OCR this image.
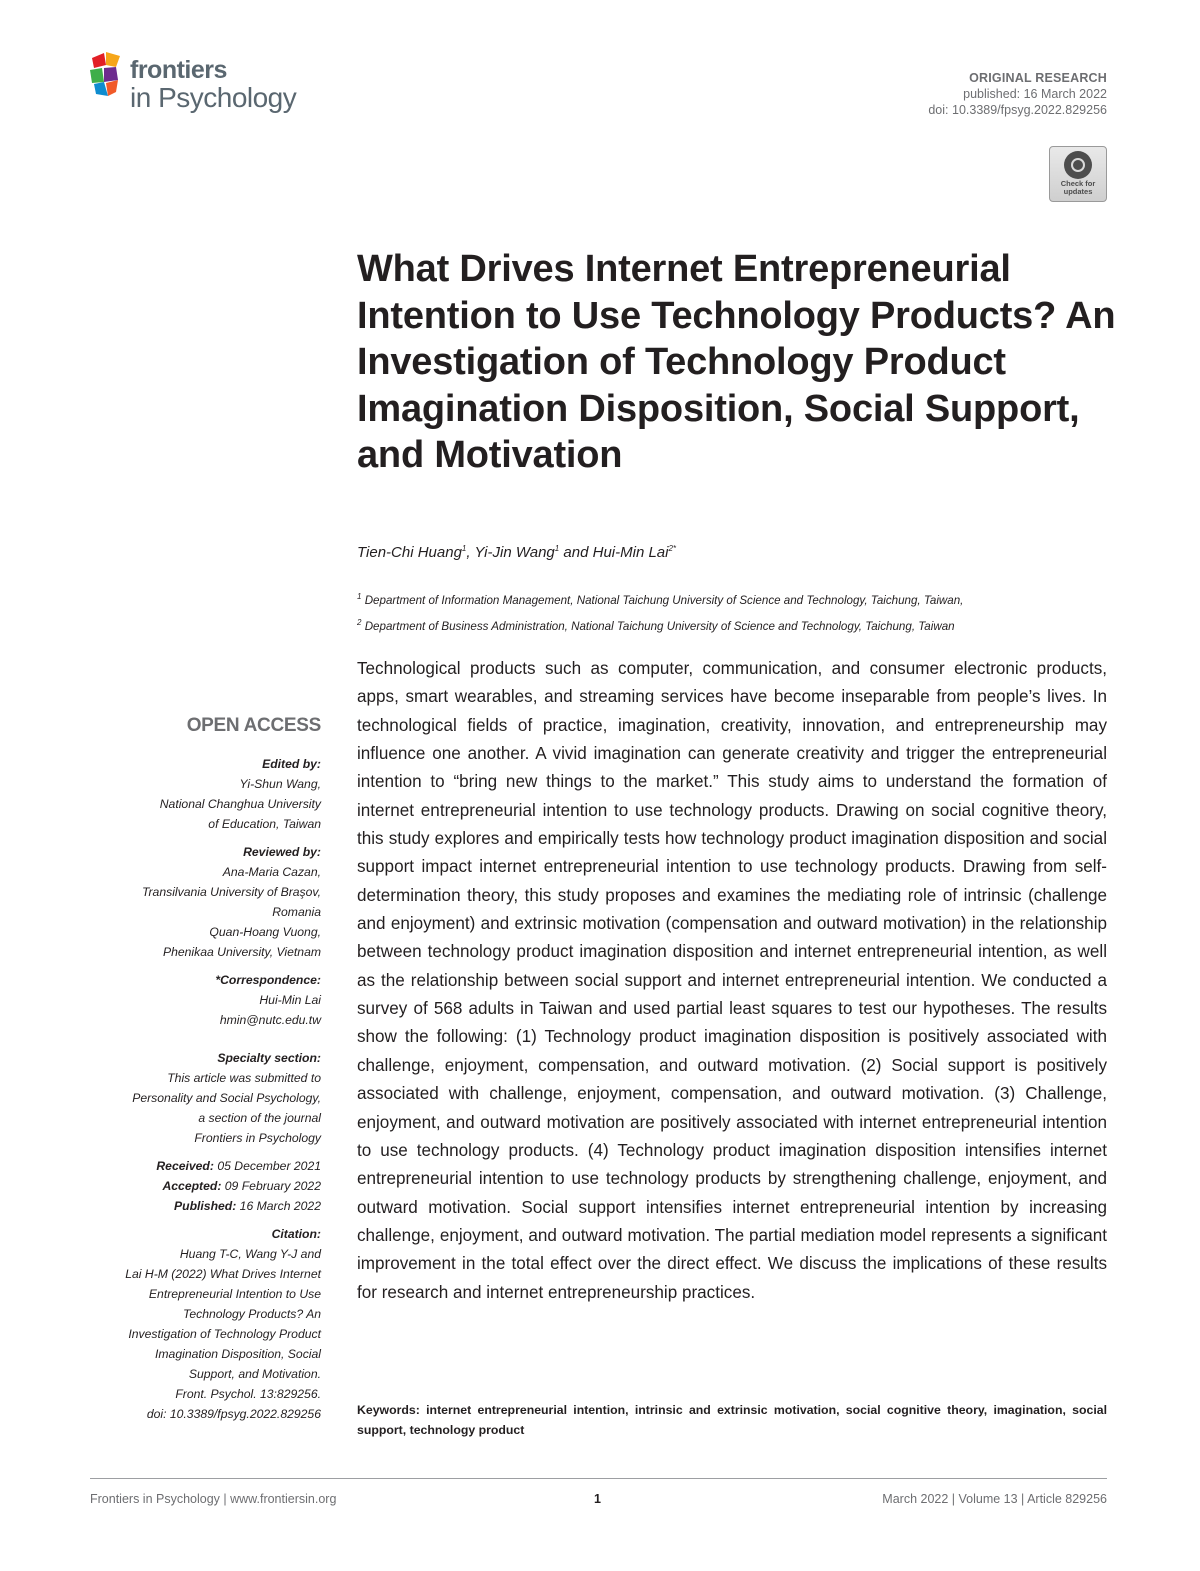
frontiers
in Psychology
ORIGINAL RESEARCH
published: 16 March 2022
doi: 10.3389/fpsyg.2022.829256
Check for updates
What Drives Internet Entrepreneurial Intention to Use Technology Products? An Investigation of Technology Product Imagination Disposition, Social Support, and Motivation
Tien-Chi Huang$^1$, Yi-Jin Wang$^1$ and Hui-Min Lai$^{2*}$
$^1$ Department of Information Management, National Taichung University of Science and Technology, Taichung, Taiwan,
$^2$ Department of Business Administration, National Taichung University of Science and Technology, Taichung, Taiwan
OPEN ACCESS
Edited by:
Yi-Shun Wang,
National Changhua University
of Education, Taiwan
Reviewed by:
Ana-Maria Cazan,
Transilvania University of Braşov,
Romania
Quan-Hoang Vuong,
Phenikaa University, Vietnam
*Correspondence:
Hui-Min Lai
hmin@nutc.edu.tw
Specialty section:
This article was submitted to
Personality and Social Psychology,
a section of the journal
Frontiers in Psychology
Received: 05 December 2021
Accepted: 09 February 2022
Published: 16 March 2022
Citation:
Huang T-C, Wang Y-J and
Lai H-M (2022) What Drives Internet
Entrepreneurial Intention to Use
Technology Products? An
Investigation of Technology Product
Imagination Disposition, Social
Support, and Motivation.
Front. Psychol. 13:829256.
doi: 10.3389/fpsyg.2022.829256
Technological products such as computer, communication, and consumer electronic products, apps, smart wearables, and streaming services have become inseparable from people’s lives. In technological fields of practice, imagination, creativity, innovation, and entrepreneurship may influence one another. A vivid imagination can generate creativity and trigger the entrepreneurial intention to “bring new things to the market.” This study aims to understand the formation of internet entrepreneurial intention to use technology products. Drawing on social cognitive theory, this study explores and empirically tests how technology product imagination disposition and social support impact internet entrepreneurial intention to use technology products. Drawing from self-determination theory, this study proposes and examines the mediating role of intrinsic (challenge and enjoyment) and extrinsic motivation (compensation and outward motivation) in the relationship between technology product imagination disposition and internet entrepreneurial intention, as well as the relationship between social support and internet entrepreneurial intention. We conducted a survey of 568 adults in Taiwan and used partial least squares to test our hypotheses. The results show the following: (1) Technology product imagination disposition is positively associated with challenge, enjoyment, compensation, and outward motivation. (2) Social support is positively associated with challenge, enjoyment, compensation, and outward motivation. (3) Challenge, enjoyment, and outward motivation are positively associated with internet entrepreneurial intention to use technology products. (4) Technology product imagination disposition intensifies internet entrepreneurial intention to use technology products by strengthening challenge, enjoyment, and outward motivation. Social support intensifies internet entrepreneurial intention by increasing challenge, enjoyment, and outward motivation. The partial mediation model represents a significant improvement in the total effect over the direct effect. We discuss the implications of these results for research and internet entrepreneurship practices.
Keywords: internet entrepreneurial intention, intrinsic and extrinsic motivation, social cognitive theory, imagination, social support, technology product
Frontiers in Psychology | www.frontiersin.org	1	March 2022 | Volume 13 | Article 829256
